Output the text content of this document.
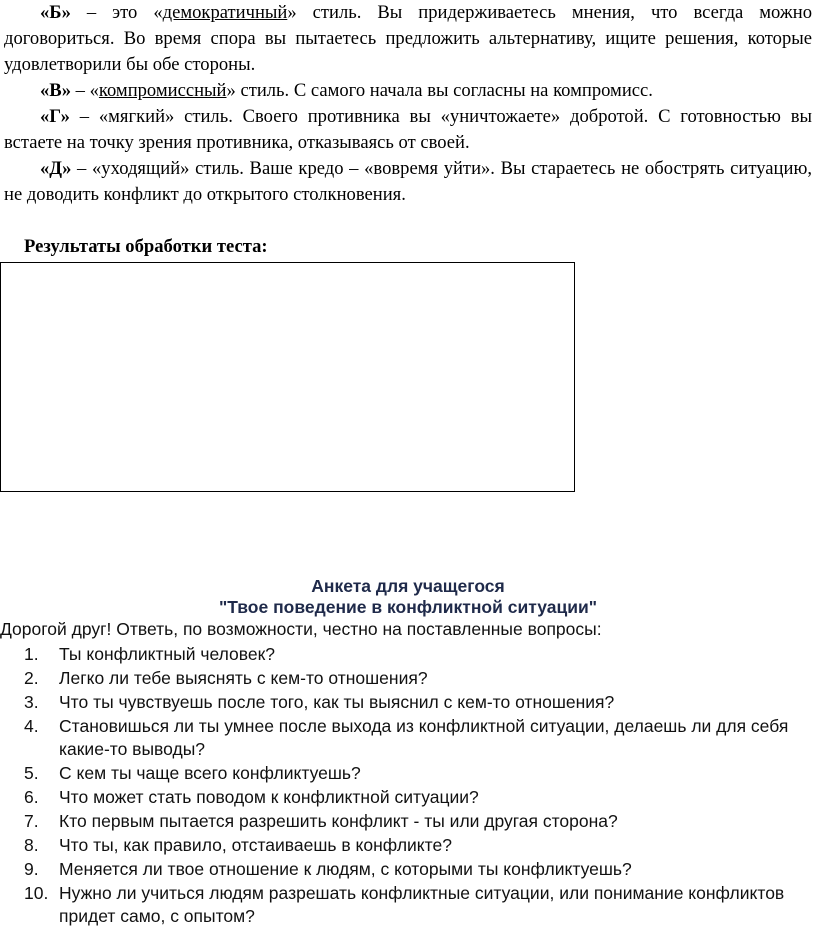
«Б» – это «демократичный» стиль. Вы придерживаетесь мнения, что всегда можно договориться. Во время спора вы пытаетесь предложить альтернативу, ищите решения, которые удовлетворили бы обе стороны.

«В» – «компромиссный» стиль. С самого начала вы согласны на компромисс.

«Г» – «мягкий» стиль. Своего противника вы «уничтожаете» добротой. С готовностью вы встаете на точку зрения противника, отказываясь от своей.

«Д» – «уходящий» стиль. Ваше кредо – «вовремя уйти». Вы стараетесь не обострять ситуацию, не доводить конфликт до открытого столкновения.

Результаты обработки теста:
Анкета для учащегося
"Твое поведение в конфликтной ситуации"
Дорогой друг! Ответь, по возможности, честно на поставленные вопросы:
1.	Ты конфликтный человек?
2.	Легко ли тебе выяснять с кем-то отношения?
3.	Что ты чувствуешь после того, как ты выяснил с кем-то отношения?
4.	Становишься ли ты умнее после выхода из конфликтной ситуации, делаешь ли для себя какие-то выводы?
5.	С кем ты чаще всего конфликтуешь?
6.	Что может стать поводом к конфликтной ситуации?
7.	Кто первым пытается разрешить конфликт - ты или другая сторона?
8.	Что ты, как правило, отстаиваешь в конфликте?
9.	Меняется ли твое отношение к людям, с которыми ты конфликтуешь?
10. Нужно ли учиться людям разрешать конфликтные ситуации, или понимание конфликтов придет само, с опытом?
